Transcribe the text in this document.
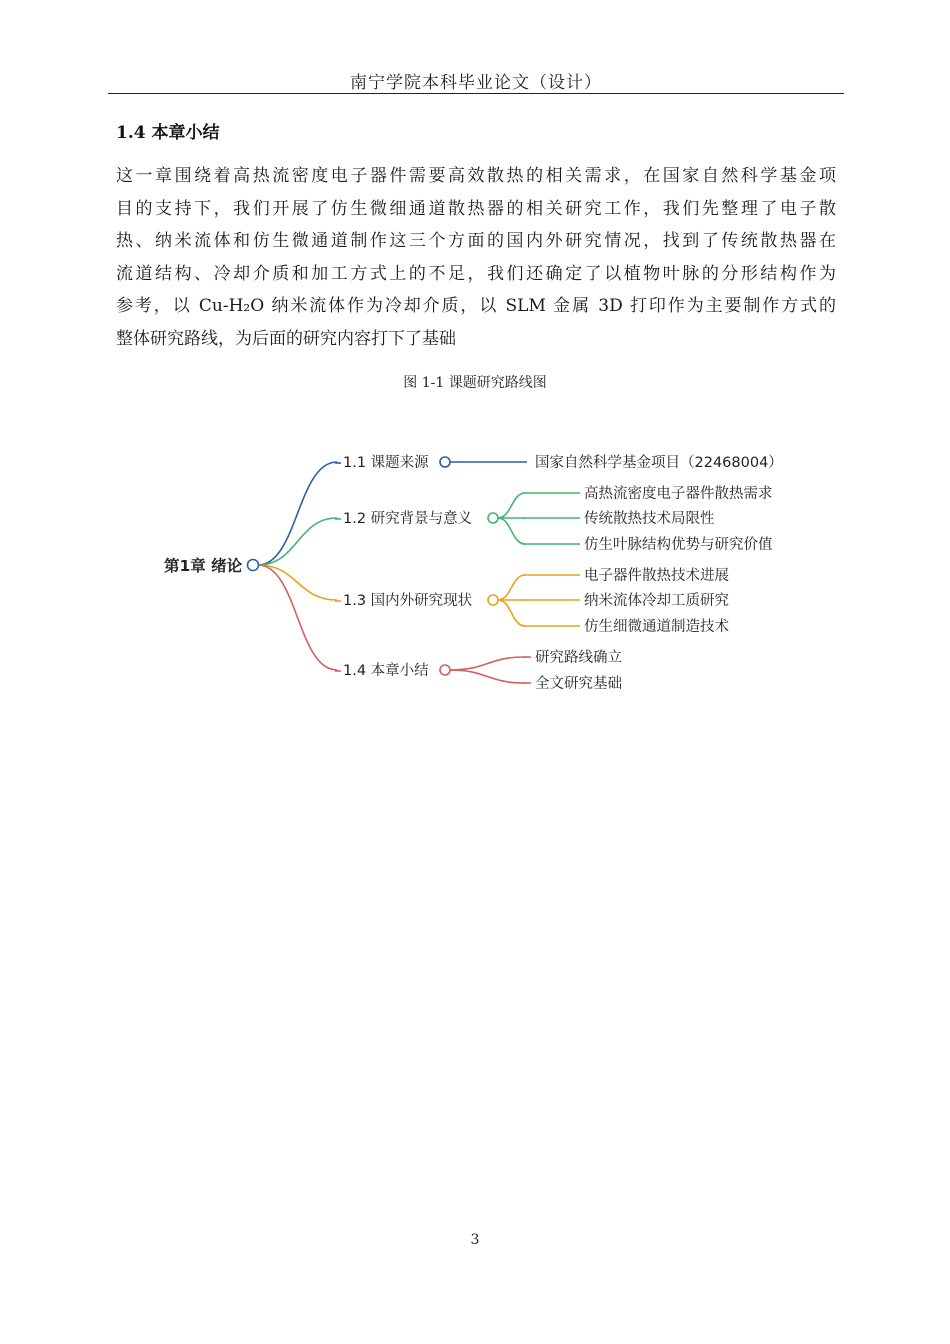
南宁学院本科毕业论文（设计）
1.4 本章小结
这一章围绕着高热流密度电子器件需要高效散热的相关需求，在国家自然科学基金项
目的支持下，我们开展了仿生微细通道散热器的相关研究工作，我们先整理了电子散
热、纳米流体和仿生微通道制作这三个方面的国内外研究情况，找到了传统散热器在
流道结构、冷却介质和加工方式上的不足，我们还确定了以植物叶脉的分形结构作为
参考，以 Cu-H₂O 纳米流体作为冷却介质，以 SLM 金属 3D 打印作为主要制作方式的
整体研究路线，为后面的研究内容打下了基础
图 1-1 课题研究路线图
第1章 绪论
1.1 课题来源	国家自然科学基金项目（22468004）
1.2 研究背景与意义
高热流密度电子器件散热需求
传统散热技术局限性
仿生叶脉结构优势与研究价值
1.3 国内外研究现状
电子器件散热技术进展
纳米流体冷却工质研究
仿生细微通道制造技术
1.4 本章小结
研究路线确立
全文研究基础
3
